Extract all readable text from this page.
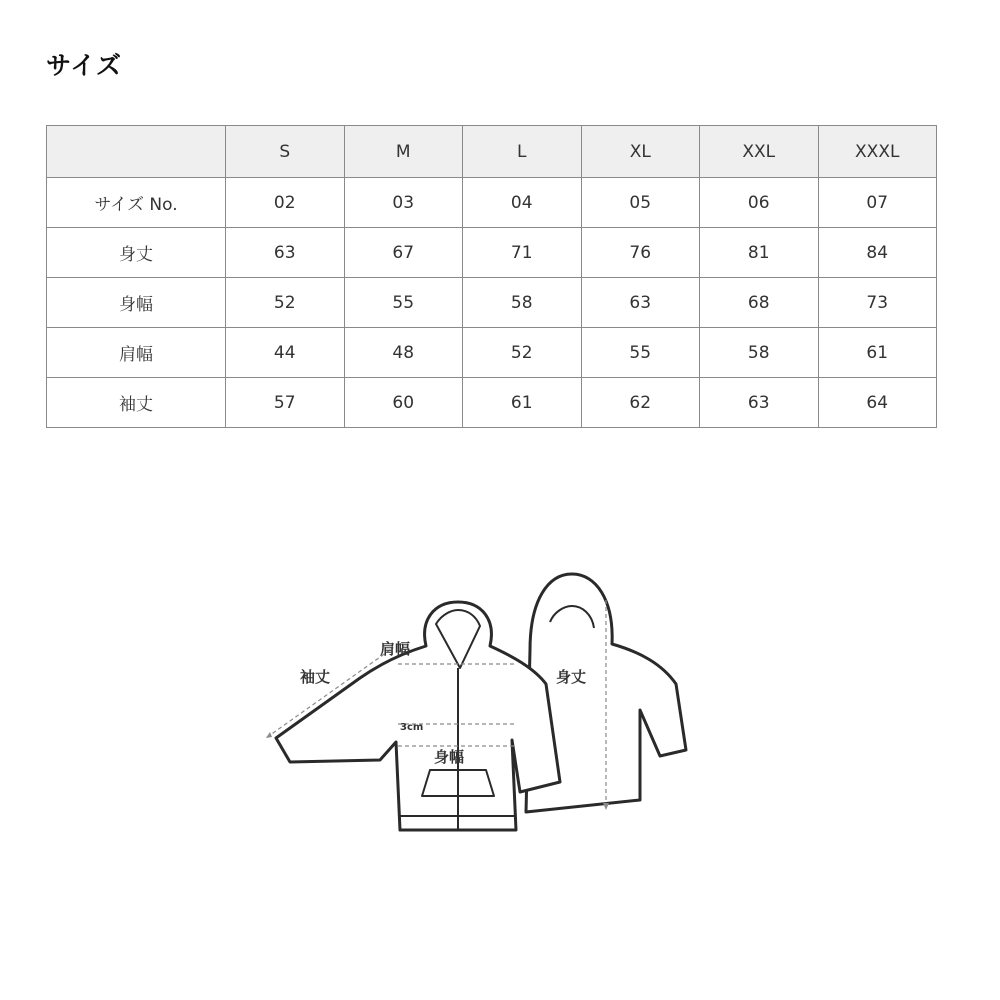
サイズ
	S	M	L	XL	XXL	XXXL
サイズ No.	02	03	04	05	06	07
身丈	63	67	71	76	81	84
身幅	52	55	58	63	68	73
肩幅	44	48	52	55	58	61
袖丈	57	60	61	62	63	64
肩幅
袖丈
3cm
身幅
身丈
